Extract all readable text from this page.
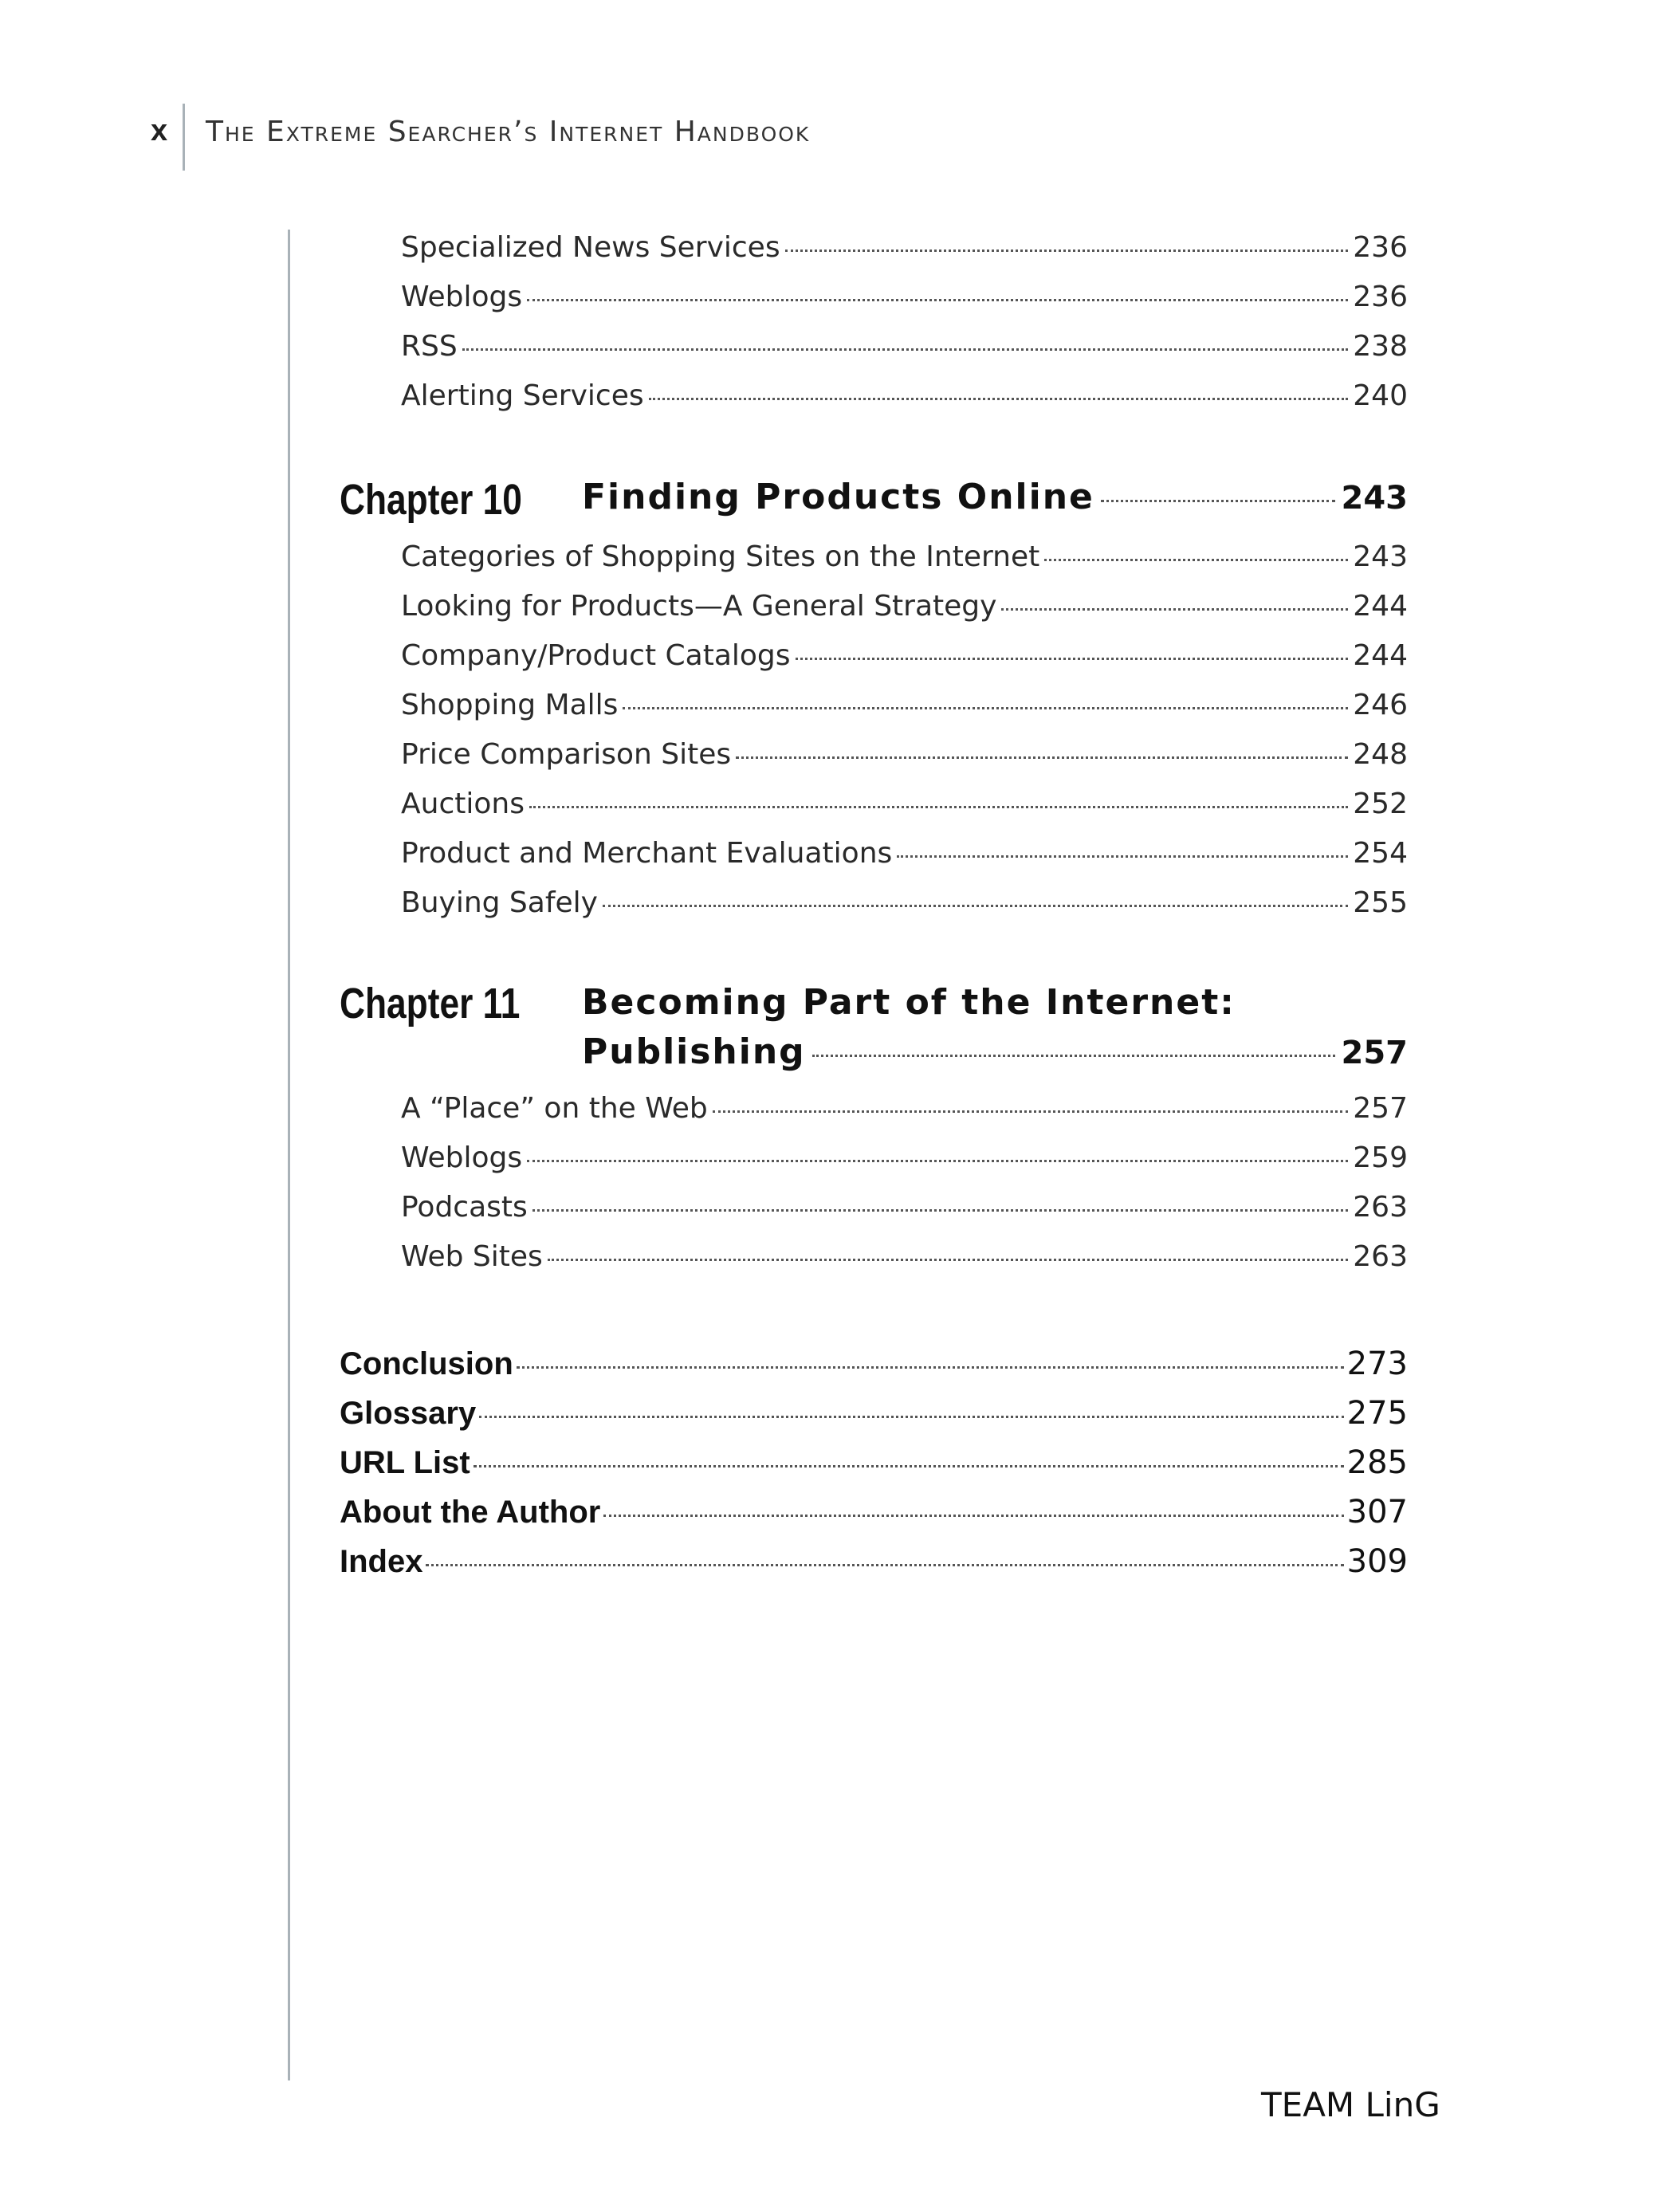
x The Extreme Searcher’s Internet Handbook
Specialized News Services	236
Weblogs	236
RSS	238
Alerting Services	240
Chapter 10 Finding Products Online	243
Categories of Shopping Sites on the Internet	243
Looking for Products—A General Strategy	244
Company/Product Catalogs	244
Shopping Malls	246
Price Comparison Sites	248
Auctions	252
Product and Merchant Evaluations	254
Buying Safely	255
Chapter 11 Becoming Part of the Internet:
Publishing	257
A “Place” on the Web	257
Weblogs	259
Podcasts	263
Web Sites	263
Conclusion	273
Glossary	275
URL List	285
About the Author	307
Index	309
TEAM LinG
